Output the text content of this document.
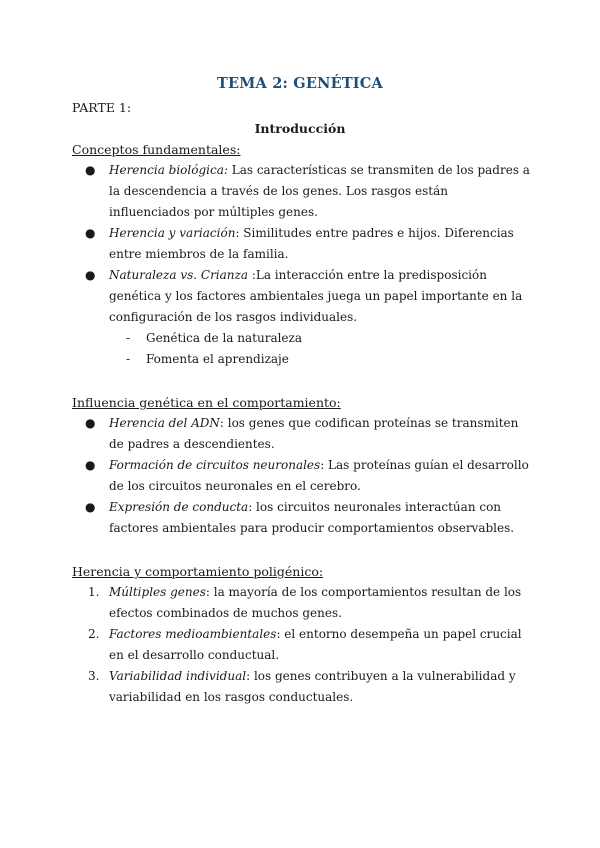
TEMA 2: GENÉTICA
PARTE 1:
Introducción
Conceptos fundamentales:
● Herencia biológica: Las características se transmiten de los padres a la descendencia a través de los genes. Los rasgos están influenciados por múltiples genes.
● Herencia y variación: Similitudes entre padres e hijos. Diferencias entre miembros de la familia.
● Naturaleza vs. Crianza :La interacción entre la predisposición genética y los factores ambientales juega un papel importante en la configuración de los rasgos individuales.
- Genética de la naturaleza
- Fomenta el aprendizaje
Influencia genética en el comportamiento:
● Herencia del ADN: los genes que codifican proteínas se transmiten de padres a descendientes.
● Formación de circuitos neuronales: Las proteínas guían el desarrollo de los circuitos neuronales en el cerebro.
● Expresión de conducta: los circuitos neuronales interactúan con factores ambientales para producir comportamientos observables.
Herencia y comportamiento poligénico:
1. Múltiples genes: la mayoría de los comportamientos resultan de los efectos combinados de muchos genes.
2. Factores medioambientales: el entorno desempeña un papel crucial en el desarrollo conductual.
3. Variabilidad individual: los genes contribuyen a la vulnerabilidad y variabilidad en los rasgos conductuales.
